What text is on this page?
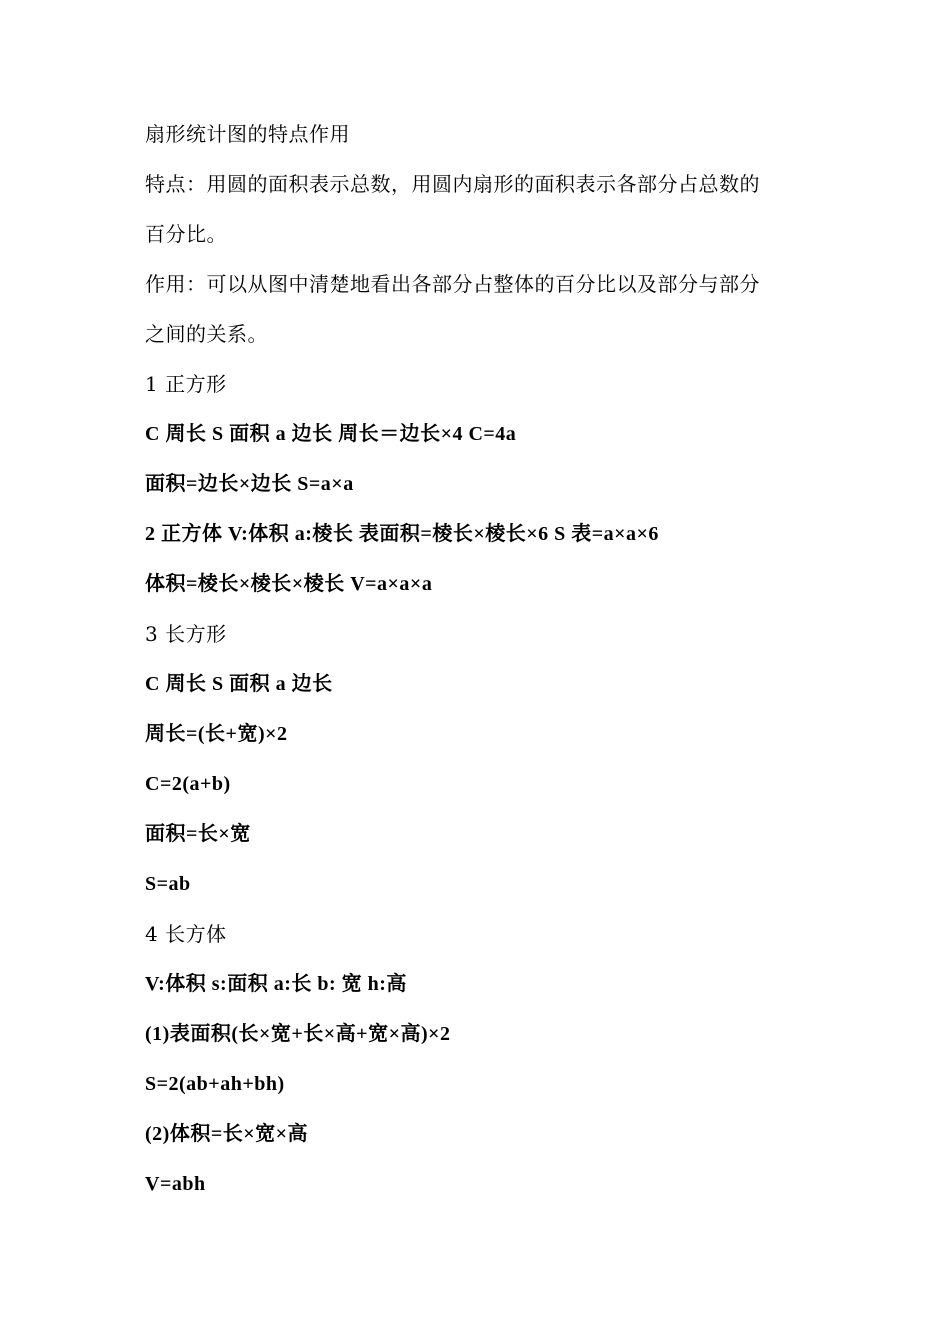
扇形统计图的特点作用
特点：用圆的面积表示总数，用圆内扇形的面积表示各部分占总数的
百分比。
作用：可以从图中清楚地看出各部分占整体的百分比以及部分与部分
之间的关系。
1 正方形
C 周长 S 面积 a 边长 周长＝边长×4 C=4a
面积=边长×边长 S=a×a
2 正方体 V:体积 a:棱长 表面积=棱长×棱长×6 S 表=a×a×6
体积=棱长×棱长×棱长 V=a×a×a
3 长方形
C 周长 S 面积 a 边长
周长=(长+宽)×2
C=2(a+b)
面积=长×宽
S=ab
4 长方体
V:体积 s:面积 a:长 b: 宽 h:高
(1)表面积(长×宽+长×高+宽×高)×2
S=2(ab+ah+bh)
(2)体积=长×宽×高
V=abh
